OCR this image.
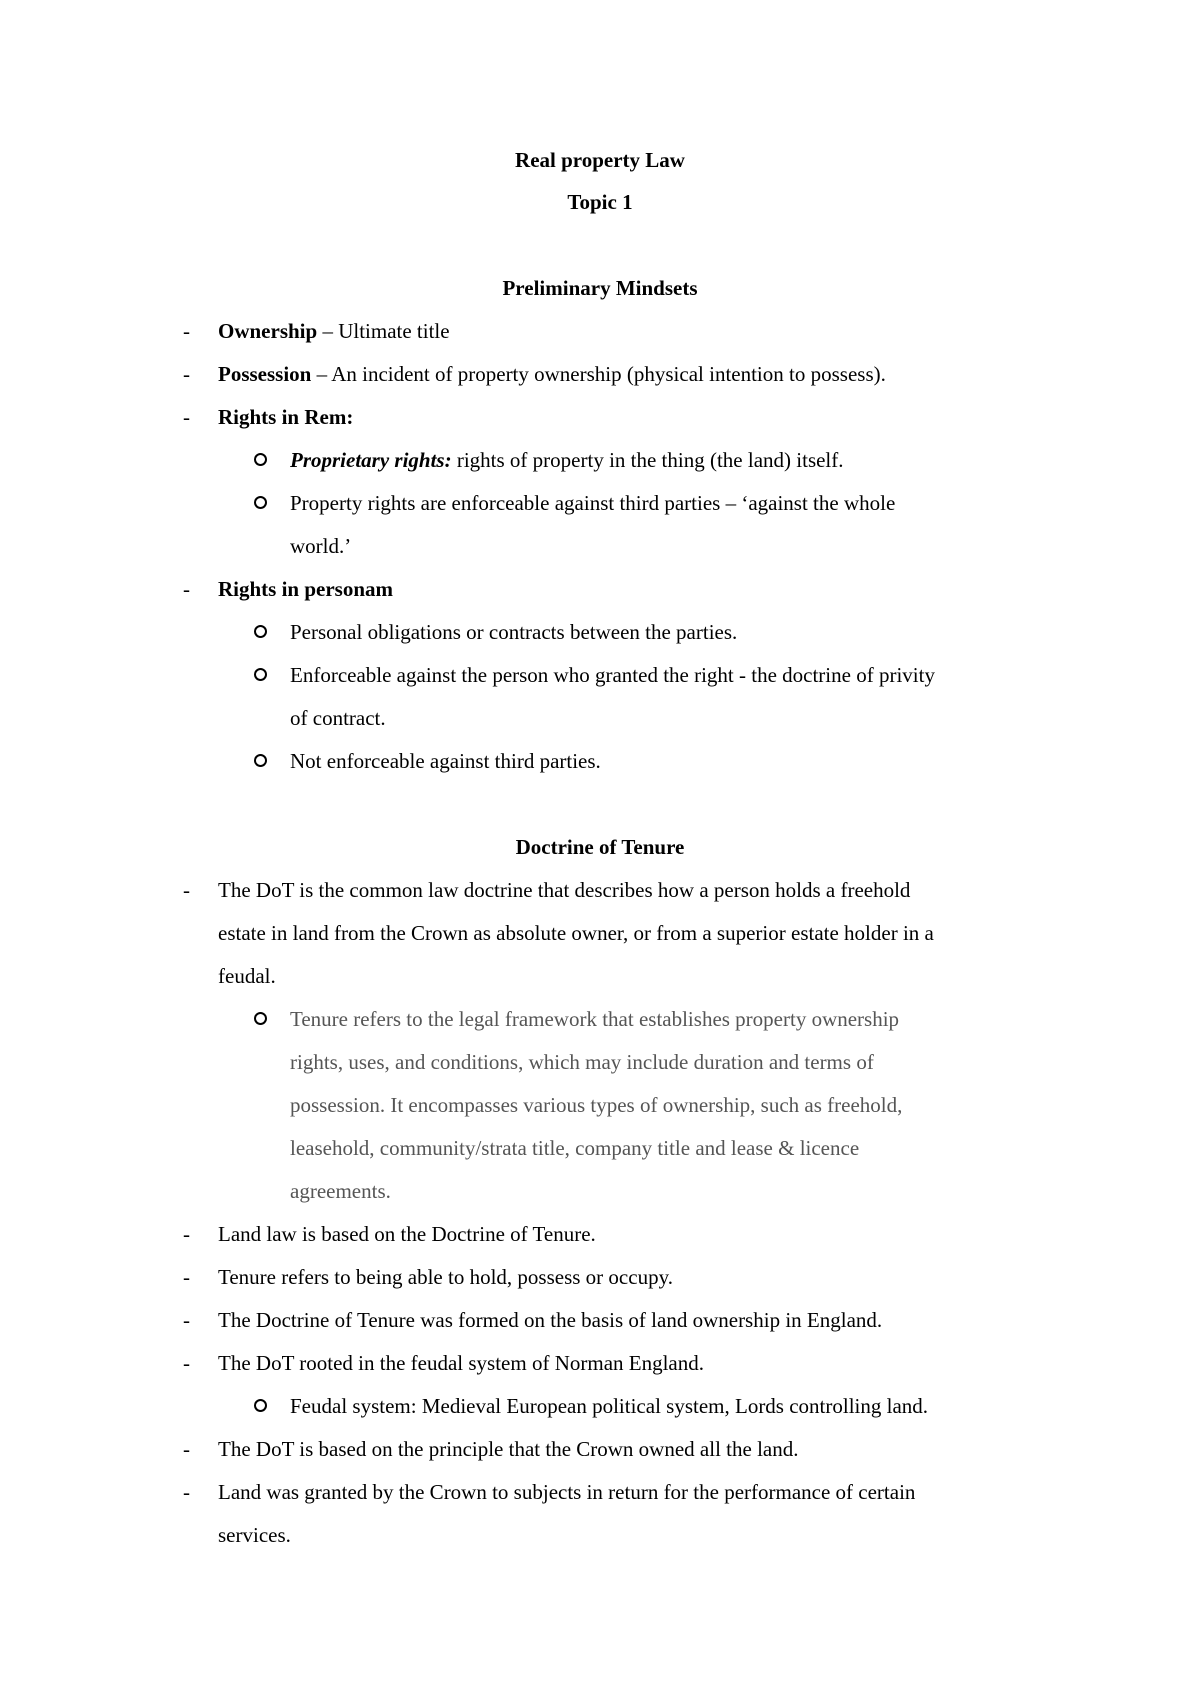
Real property Law
Topic 1
Preliminary Mindsets
- Ownership – Ultimate title
- Possession – An incident of property ownership (physical intention to possess).
- Rights in Rem:
Proprietary rights: rights of property in the thing (the land) itself.
Property rights are enforceable against third parties – ‘against the whole
world.’
- Rights in personam
Personal obligations or contracts between the parties.
Enforceable against the person who granted the right - the doctrine of privity
of contract.
Not enforceable against third parties.
Doctrine of Tenure
- The DoT is the common law doctrine that describes how a person holds a freehold
estate in land from the Crown as absolute owner, or from a superior estate holder in a
feudal.
Tenure refers to the legal framework that establishes property ownership
rights, uses, and conditions, which may include duration and terms of
possession. It encompasses various types of ownership, such as freehold,
leasehold, community/strata title, company title and lease & licence
agreements.
- Land law is based on the Doctrine of Tenure.
- Tenure refers to being able to hold, possess or occupy.
- The Doctrine of Tenure was formed on the basis of land ownership in England.
- The DoT rooted in the feudal system of Norman England.
Feudal system: Medieval European political system, Lords controlling land.
- The DoT is based on the principle that the Crown owned all the land.
- Land was granted by the Crown to subjects in return for the performance of certain
services.
